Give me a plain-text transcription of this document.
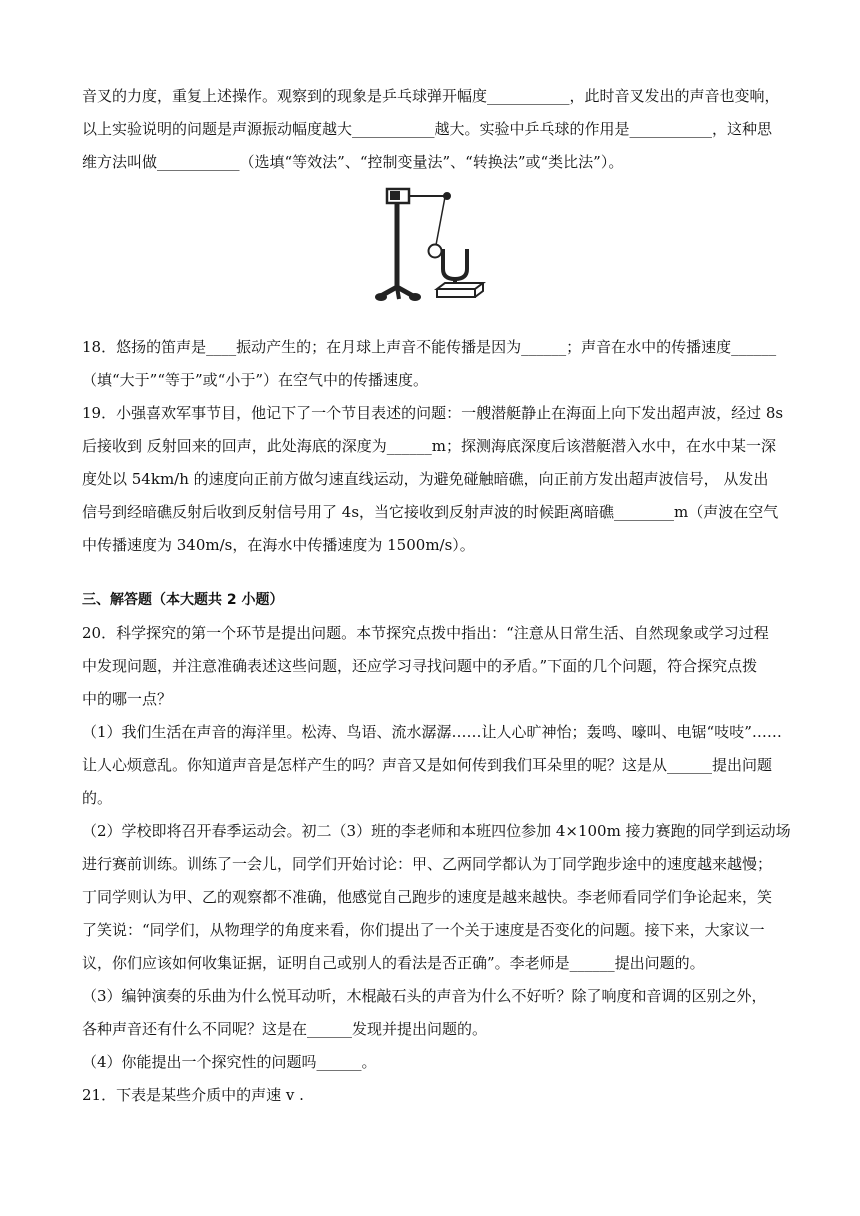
音叉的力度，重复上述操作。观察到的现象是乒乓球弹开幅度___________，此时音叉发出的声音也变响，
以上实验说明的问题是声源振动幅度越大___________越大。实验中乒乓球的作用是___________，这种思
维方法叫做___________（选填“等效法”、“控制变量法”、“转换法”或“类比法”）。
18．悠扬的笛声是____振动产生的；在月球上声音不能传播是因为______；声音在水中的传播速度______
（填“大于”“等于”或“小于”）在空气中的传播速度。
19．小强喜欢军事节目，他记下了一个节目表述的问题：一艘潜艇静止在海面上向下发出超声波，经过 8s
后接收到 反射回来的回声，此处海底的深度为______m；探测海底深度后该潜艇潜入水中，在水中某一深
度处以 54km/h 的速度向正前方做匀速直线运动，为避免碰触暗礁，向正前方发出超声波信号， 从发出
信号到经暗礁反射后收到反射信号用了 4s，当它接收到反射声波的时候距离暗礁________m（声波在空气
中传播速度为 340m/s，在海水中传播速度为 1500m/s）。
三、解答题（本大题共 2 小题）
20．科学探究的第一个环节是提出问题。本节探究点拨中指出：“注意从日常生活、自然现象或学习过程
中发现问题，并注意准确表述这些问题，还应学习寻找问题中的矛盾。”下面的几个问题，符合探究点拨
中的哪一点？
（1）我们生活在声音的海洋里。松涛、鸟语、流水潺潺……让人心旷神怡；轰鸣、嚎叫、电锯“吱吱”……
让人心烦意乱。你知道声音是怎样产生的吗？声音又是如何传到我们耳朵里的呢？这是从______提出问题
的。
（2）学校即将召开春季运动会。初二（3）班的李老师和本班四位参加 4×100m 接力赛跑的同学到运动场
进行赛前训练。训练了一会儿，同学们开始讨论：甲、乙两同学都认为丁同学跑步途中的速度越来越慢；
丁同学则认为甲、乙的观察都不准确，他感觉自己跑步的速度是越来越快。李老师看同学们争论起来，笑
了笑说：“同学们，从物理学的角度来看，你们提出了一个关于速度是否变化的问题。接下来，大家议一
议，你们应该如何收集证据，证明自己或别人的看法是否正确”。李老师是______提出问题的。
（3）编钟演奏的乐曲为什么悦耳动听，木棍敲石头的声音为什么不好听？除了响度和音调的区别之外，
各种声音还有什么不同呢？这是在______发现并提出问题的。
（4）你能提出一个探究性的问题吗______。
21．下表是某些介质中的声速 v .
